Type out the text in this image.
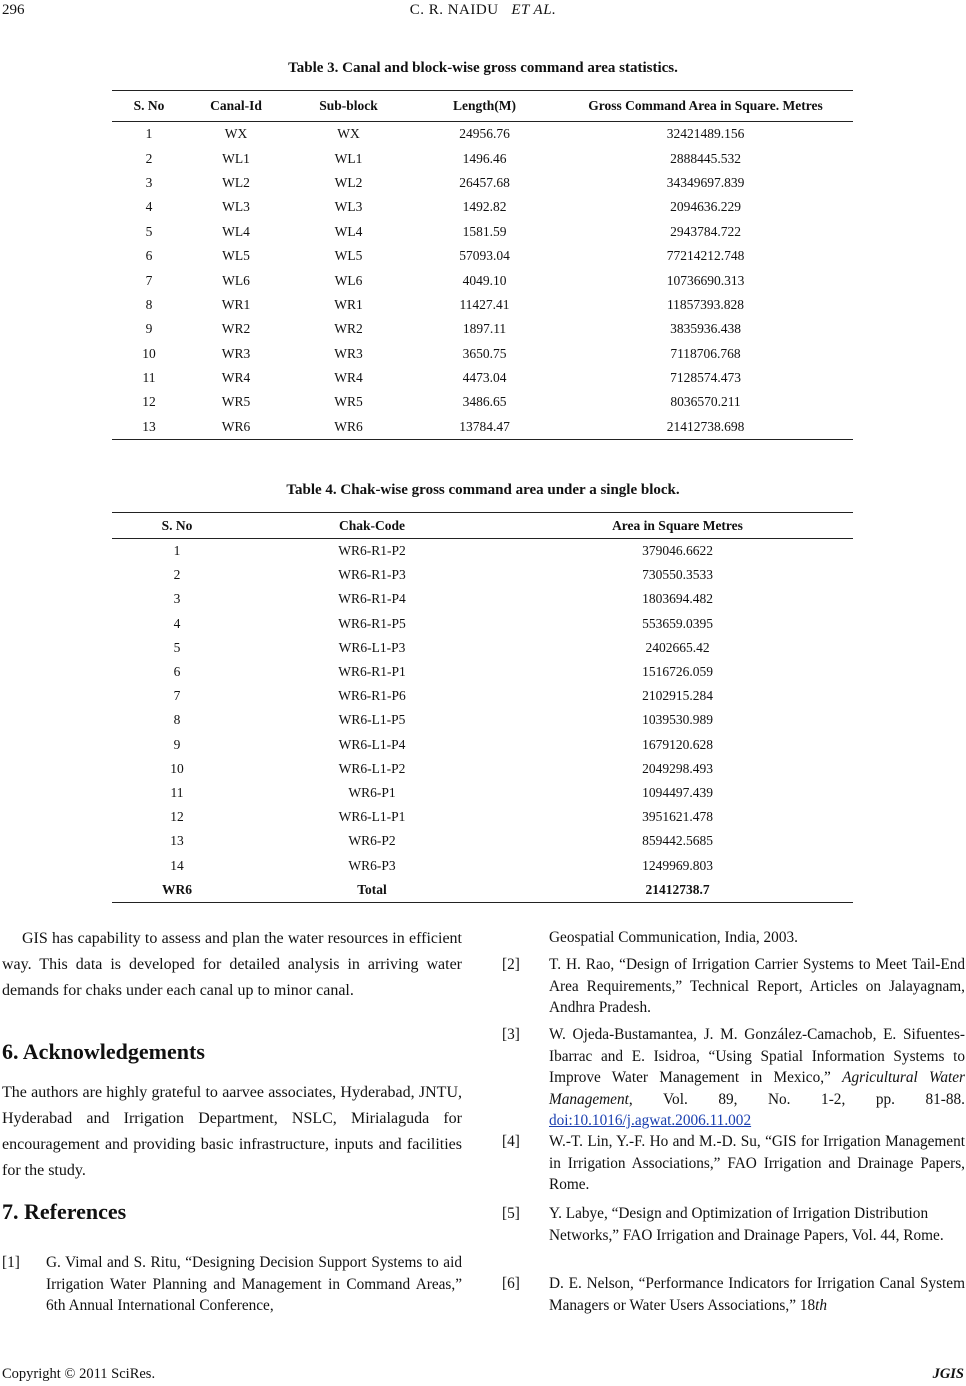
296	C. R. NAIDU ET AL.
Table 3. Canal and block-wise gross command area statistics.
S. No	Canal-Id	Sub-block	Length(M)	Gross Command Area in Square. Metres
1	WX	WX	24956.76	32421489.156
2	WL1	WL1	1496.46	2888445.532
3	WL2	WL2	26457.68	34349697.839
4	WL3	WL3	1492.82	2094636.229
5	WL4	WL4	1581.59	2943784.722
6	WL5	WL5	57093.04	77214212.748
7	WL6	WL6	4049.10	10736690.313
8	WR1	WR1	11427.41	11857393.828
9	WR2	WR2	1897.11	3835936.438
10	WR3	WR3	3650.75	7118706.768
11	WR4	WR4	4473.04	7128574.473
12	WR5	WR5	3486.65	8036570.211
13	WR6	WR6	13784.47	21412738.698
Table 4. Chak-wise gross command area under a single block.
S. No	Chak-Code	Area in Square Metres
1	WR6-R1-P2	379046.6622
2	WR6-R1-P3	730550.3533
3	WR6-R1-P4	1803694.482
4	WR6-R1-P5	553659.0395
5	WR6-L1-P3	2402665.42
6	WR6-R1-P1	1516726.059
7	WR6-R1-P6	2102915.284
8	WR6-L1-P5	1039530.989
9	WR6-L1-P4	1679120.628
10	WR6-L1-P2	2049298.493
11	WR6-P1	1094497.439
12	WR6-L1-P1	3951621.478
13	WR6-P2	859442.5685
14	WR6-P3	1249969.803
WR6	Total	21412738.7
GIS has capability to assess and plan the water resources in efficient way. This data is developed for detailed analysis in arriving water demands for chaks under each canal up to minor canal.
6. Acknowledgements
The authors are highly grateful to aarvee associates, Hyderabad, JNTU, Hyderabad and Irrigation Department, NSLC, Mirialaguda for encouragement and providing basic infrastructure, inputs and facilities for the study.
7. References
[1] G. Vimal and S. Ritu, “Designing Decision Support Systems to aid Irrigation Water Planning and Management in Command Areas,” 6th Annual International Conference,
Geospatial Communication, India, 2003.
[2] T. H. Rao, “Design of Irrigation Carrier Systems to Meet Tail-End Area Requirements,” Technical Report, Articles on Jalayagnam, Andhra Pradesh.
[3] W. Ojeda-Bustamantea, J. M. González-Camachob, E. Sifuentes-Ibarrac and E. Isidroa, “Using Spatial Information Systems to Improve Water Management in Mexico,” Agricultural Water Management, Vol. 89, No. 1-2, pp. 81-88. doi:10.1016/j.agwat.2006.11.002
[4] W.-T. Lin, Y.-F. Ho and M.-D. Su, “GIS for Irrigation Management in Irrigation Associations,” FAO Irrigation and Drainage Papers, Rome.
[5] Y. Labye, “Design and Optimization of Irrigation Distribution Networks,” FAO Irrigation and Drainage Papers, Vol. 44, Rome.
[6] D. E. Nelson, “Performance Indicators for Irrigation Canal System Managers or Water Users Associations,” 18th
Copyright © 2011 SciRes.	JGIS
